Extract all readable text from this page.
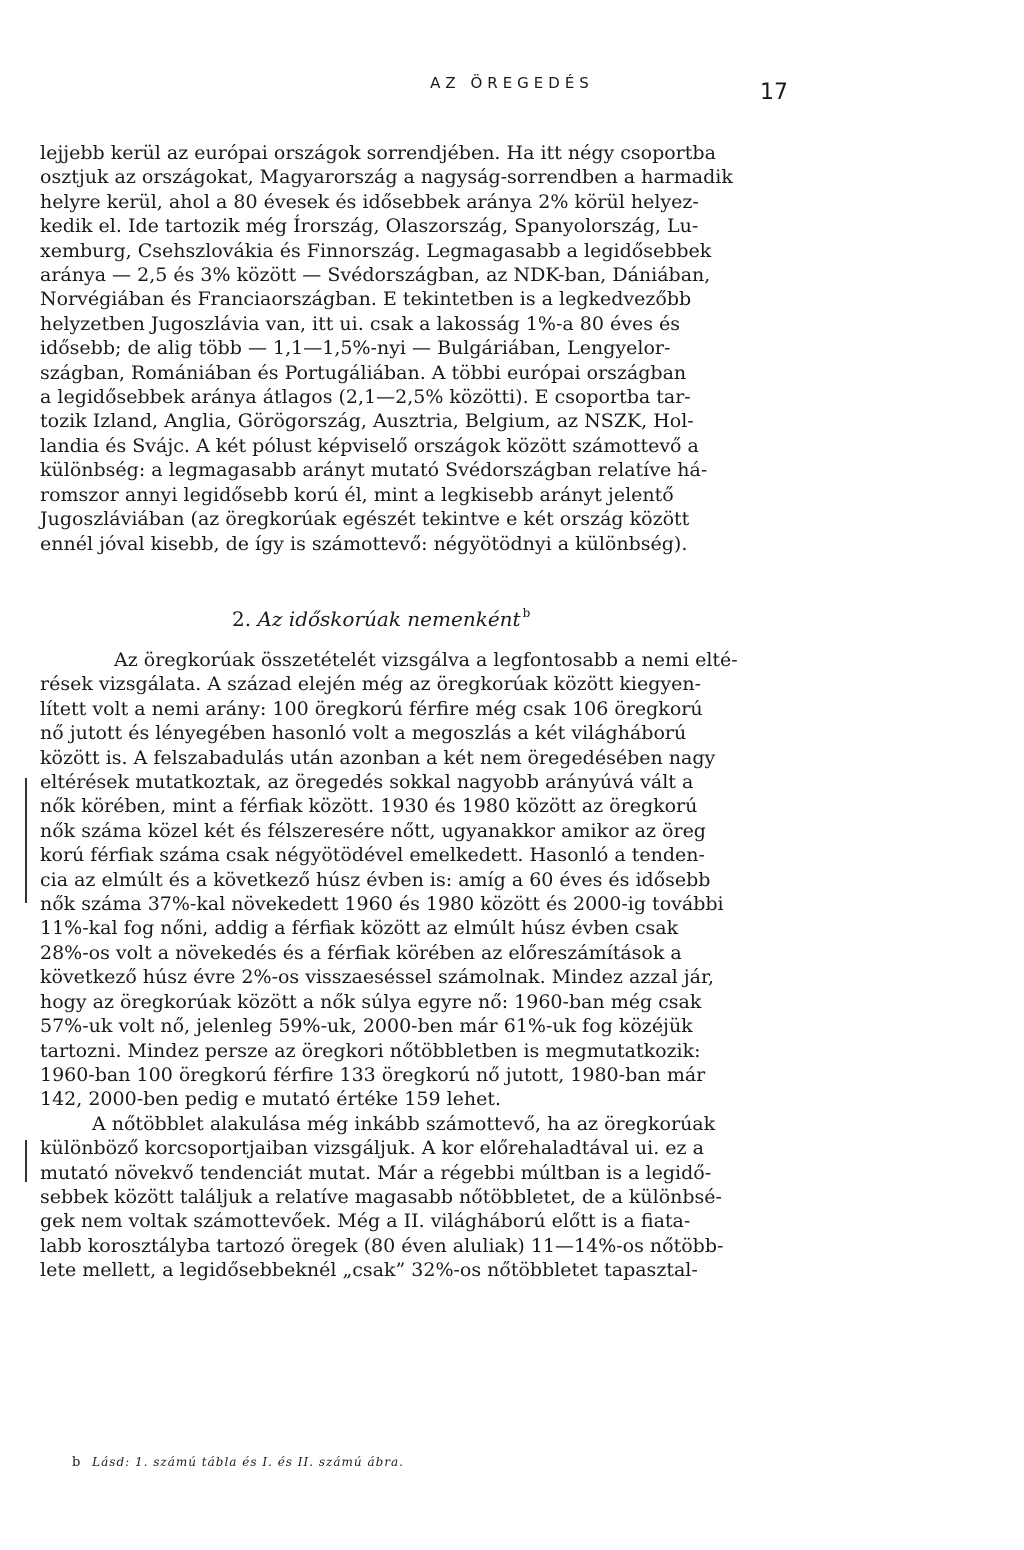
AZ ÖREGEDÉS	17
lejjebb kerül az európai országok sorrendjében. Ha itt négy csoportba
osztjuk az országokat, Magyarország a nagyság-sorrendben a harmadik
helyre kerül, ahol a 80 évesek és idősebbek aránya 2% körül helyez-
kedik el. Ide tartozik még Írország, Olaszország, Spanyolország, Lu-
xemburg, Csehszlovákia és Finnország. Legmagasabb a legidősebbek
aránya — 2,5 és 3% között — Svédországban, az NDK-ban, Dániában,
Norvégiában és Franciaországban. E tekintetben is a legkedvezőbb
helyzetben Jugoszlávia van, itt ui. csak a lakosság 1%-a 80 éves és
idősebb; de alig több — 1,1—1,5%-nyi — Bulgáriában, Lengyelor-
szágban, Romániában és Portugáliában. A többi európai országban
a legidősebbek aránya átlagos (2,1—2,5% közötti). E csoportba tar-
tozik Izland, Anglia, Görögország, Ausztria, Belgium, az NSZK, Hol-
landia és Svájc. A két pólust képviselő országok között számottevő a
különbség: a legmagasabb arányt mutató Svédországban relatíve há-
romszor annyi legidősebb korú él, mint a legkisebb arányt jelentő
Jugoszláviában (az öregkorúak egészét tekintve e két ország között
ennél jóval kisebb, de így is számottevő: négyötödnyi a különbség).
2. Az időskorúak nemenként $^b$
Az öregkorúak összetételét vizsgálva a legfontosabb a nemi elté-
rések vizsgálata. A század elején még az öregkorúak között kiegyen-
lített volt a nemi arány: 100 öregkorú férfire még csak 106 öregkorú
nő jutott és lényegében hasonló volt a megoszlás a két világháború
között is. A felszabadulás után azonban a két nem öregedésében nagy
eltérések mutatkoztak, az öregedés sokkal nagyobb arányúvá vált a
nők körében, mint a férfiak között. 1930 és 1980 között az öregkorú
nők száma közel két és félszeresére nőtt, ugyanakkor amikor az öreg
korú férfiak száma csak négyötödével emelkedett. Hasonló a tenden-
cia az elmúlt és a következő húsz évben is: amíg a 60 éves és idősebb
nők száma 37%-kal növekedett 1960 és 1980 között és 2000-ig további
11%-kal fog nőni, addig a férfiak között az elmúlt húsz évben csak
28%-os volt a növekedés és a férfiak körében az előreszámítások a
következő húsz évre 2%-os visszaeséssel számolnak. Mindez azzal jár,
hogy az öregkorúak között a nők súlya egyre nő: 1960-ban még csak
57%-uk volt nő, jelenleg 59%-uk, 2000-ben már 61%-uk fog közéjük
tartozni. Mindez persze az öregkori nőtöbbletben is megmutatkozik:
1960-ban 100 öregkorú férfire 133 öregkorú nő jutott, 1980-ban már
142, 2000-ben pedig e mutató értéke 159 lehet.
A nőtöbblet alakulása még inkább számottevő, ha az öregkorúak
különböző korcsoportjaiban vizsgáljuk. A kor előrehaladtával ui. ez a
mutató növekvő tendenciát mutat. Már a régebbi múltban is a legidő-
sebbek között találjuk a relatíve magasabb nőtöbbletet, de a különbsé-
gek nem voltak számottevőek. Még a II. világháború előtt is a fiata-
labb korosztályba tartozó öregek (80 éven aluliak) 11—14%-os nőtöbb-
lete mellett, a legidősebbeknél „csak” 32%-os nőtöbbletet tapasztal-
b Lásd: 1. számú tábla és I. és II. számú ábra.
